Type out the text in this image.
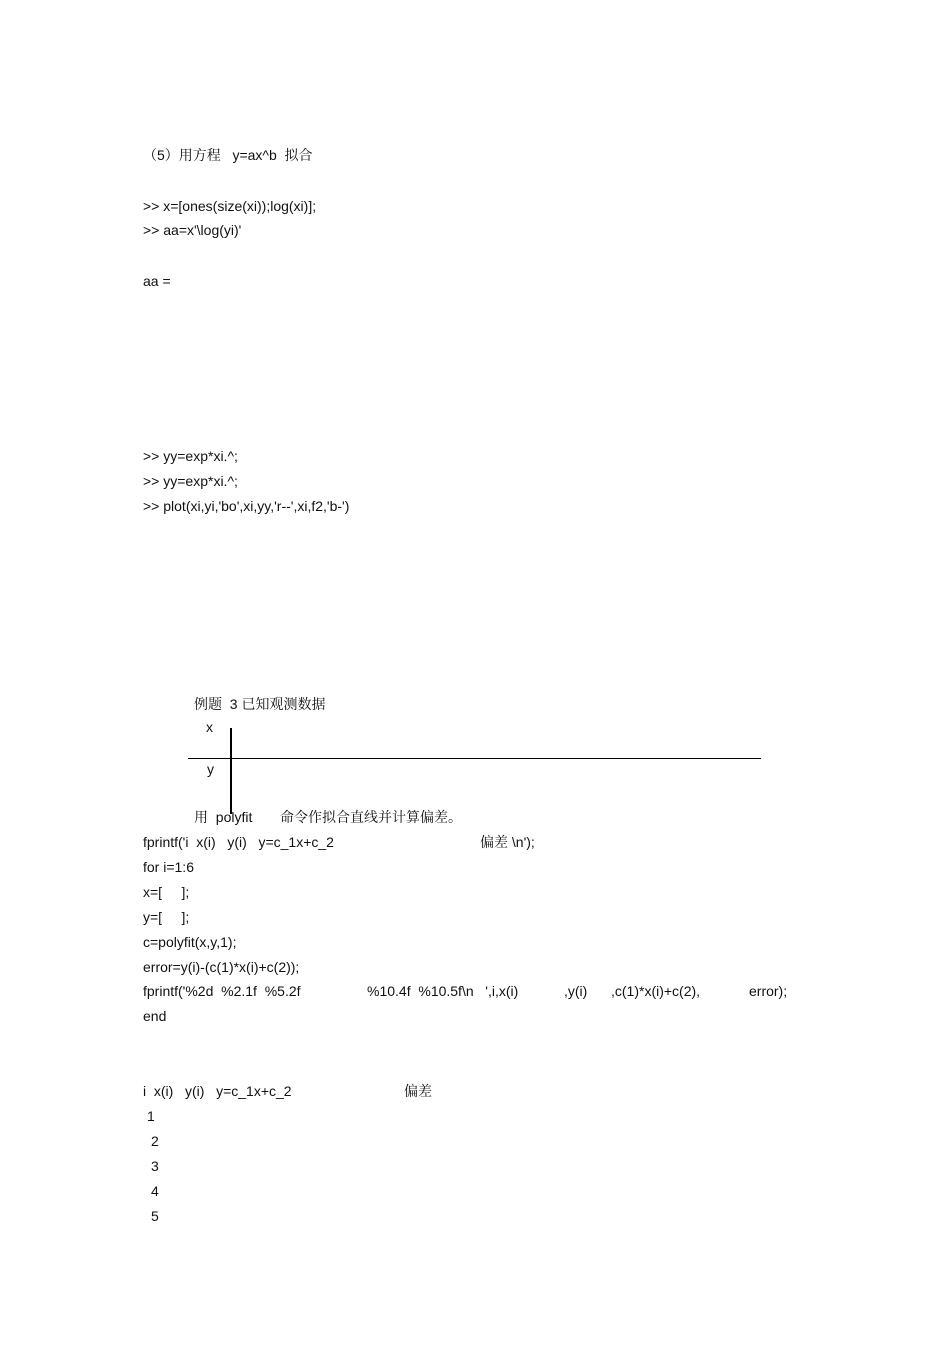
（5）用方程   y=ax^b  拟合
>> x=[ones(size(xi));log(xi)];
>> aa=x'\log(yi)'
aa =
>> yy=exp*xi.^;
>> yy=exp*xi.^;
>> plot(xi,yi,'bo',xi,yy,'r--',xi,f2,'b-')
例题  3 已知观测数据
x
y
用  polyfit 命令作拟合直线并计算偏差。
fprintf('i  x(i)   y(i)   y=c_1x+c_2	偏差 \n');
for i=1:6
x=[     ];
y=[     ];
c=polyfit(x,y,1);
error=y(i)-(c(1)*x(i)+c(2));
fprintf('%2d  %2.1f  %5.2f	%10.4f  %10.5f\n   ',i,x(i)	,y(i) ,c(1)*x(i)+c(2),	error);
end
i  x(i)   y(i)   y=c_1x+c_2	偏差
1
2
3
4
5
